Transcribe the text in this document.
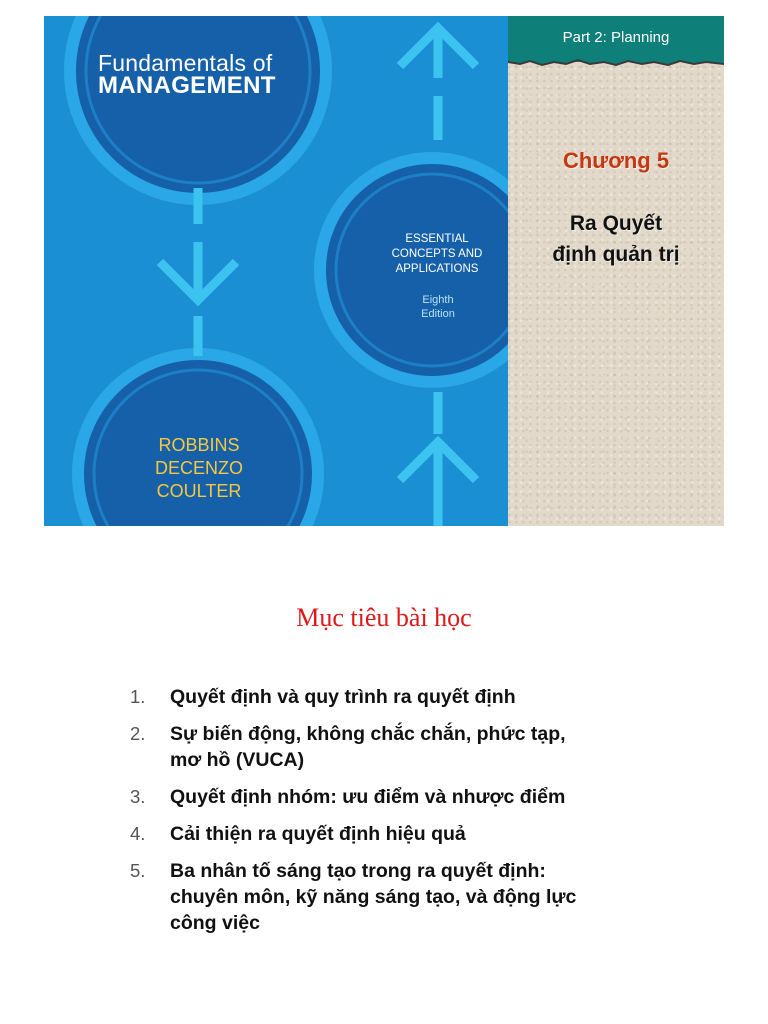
Fundamentals of
MANAGEMENT
ESSENTIAL
CONCEPTS AND
APPLICATIONS
Eighth
Edition
ROBBINS
DECENZO
COULTER
Part 2: Planning
Chương 5
Ra Quyết
định quản trị
Mục tiêu bài học
1.	Quyết định và quy trình ra quyết định
2.	Sự biến động, không chắc chắn, phức tạp,
mơ hồ (VUCA)
3.	Quyết định nhóm: ưu điểm và nhược điểm
4.	Cải thiện ra quyết định hiệu quả
5.	Ba nhân tố sáng tạo trong ra quyết định:
chuyên môn, kỹ năng sáng tạo, và động lực
công việc
